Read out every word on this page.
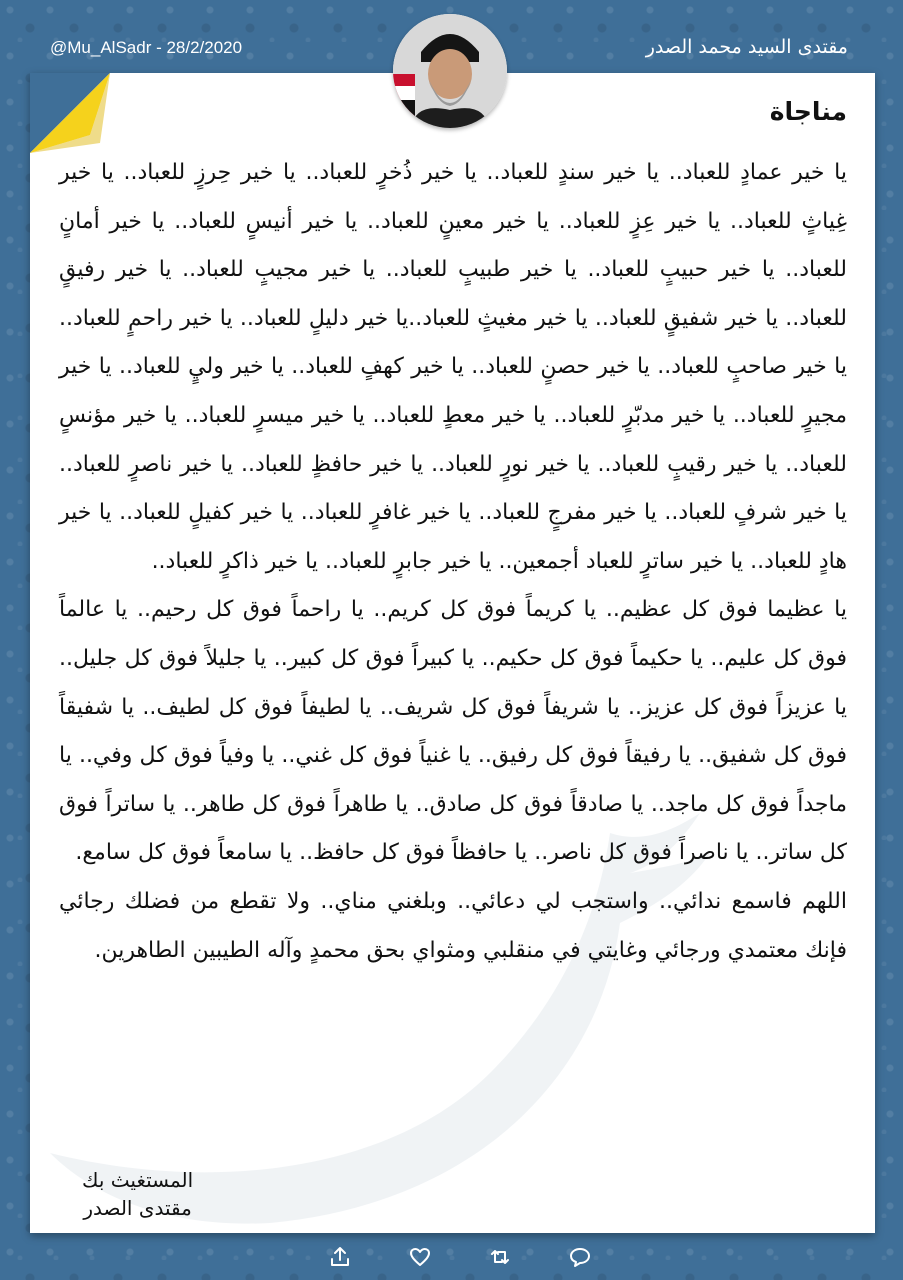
@Mu_AlSadr - 28/2/2020	مقتدى السيد محمد الصدر
مناجاة

يا خير عمادٍ للعباد.. يا خير سندٍ للعباد.. يا خير ذُخرٍ للعباد.. يا خير حِرزٍ للعباد.. يا خير غِياثٍ للعباد.. يا خير عِزٍ للعباد.. يا خير معينٍ للعباد.. يا خير أنيسٍ للعباد.. يا خير أمانٍ للعباد.. يا خير حبيبٍ للعباد.. يا خير طبيبٍ للعباد.. يا خير مجيبٍ للعباد.. يا خير رفيقٍ للعباد.. يا خير شفيقٍ للعباد.. يا خير مغيثٍ للعباد..يا خير دليلٍ للعباد.. يا خير راحمٍ للعباد.. يا خير صاحبٍ للعباد.. يا خير حصنٍ للعباد.. يا خير كهفٍ للعباد.. يا خير وليٍ للعباد.. يا خير مجيرٍ للعباد.. يا خير مدبّرٍ للعباد.. يا خير معطٍ للعباد.. يا خير ميسرٍ للعباد.. يا خير مؤنسٍ للعباد.. يا خير رقيبٍ للعباد.. يا خير نورٍ للعباد.. يا خير حافظٍ للعباد.. يا خير ناصرٍ للعباد.. يا خير شرفٍ للعباد.. يا خير مفرجٍ للعباد.. يا خير غافرٍ للعباد.. يا خير كفيلٍ للعباد.. يا خير هادٍ للعباد.. يا خير ساترٍ للعباد أجمعين.. يا خير جابرٍ للعباد.. يا خير ذاكرٍ للعباد..

يا عظيما فوق كل عظيم.. يا كريماً فوق كل كريم.. يا راحماً فوق كل رحيم.. يا عالماً فوق كل عليم.. يا حكيماً فوق كل حكيم.. يا كبيراً فوق كل كبير.. يا جليلاً فوق كل جليل.. يا عزيزاً فوق كل عزيز.. يا شريفاً فوق كل شريف.. يا لطيفاً فوق كل لطيف.. يا شفيقاً فوق كل شفيق.. يا رفيقاً فوق كل رفيق.. يا غنياً فوق كل غني.. يا وفياً فوق كل وفي.. يا ماجداً فوق كل ماجد.. يا صادقاً فوق كل صادق.. يا طاهراً فوق كل طاهر.. يا ساتراً فوق كل ساتر.. يا ناصراً فوق كل ناصر.. يا حافظاً فوق كل حافظ.. يا سامعاً فوق كل سامع.

اللهم فاسمع ندائي.. واستجب لي دعائي.. وبلغني مناي.. ولا تقطع من فضلك رجائي فإنك معتمدي ورجائي وغايتي في منقلبي ومثواي بحق محمدٍ وآله الطيبين الطاهرين.

المستغيث بك
مقتدى الصدر
